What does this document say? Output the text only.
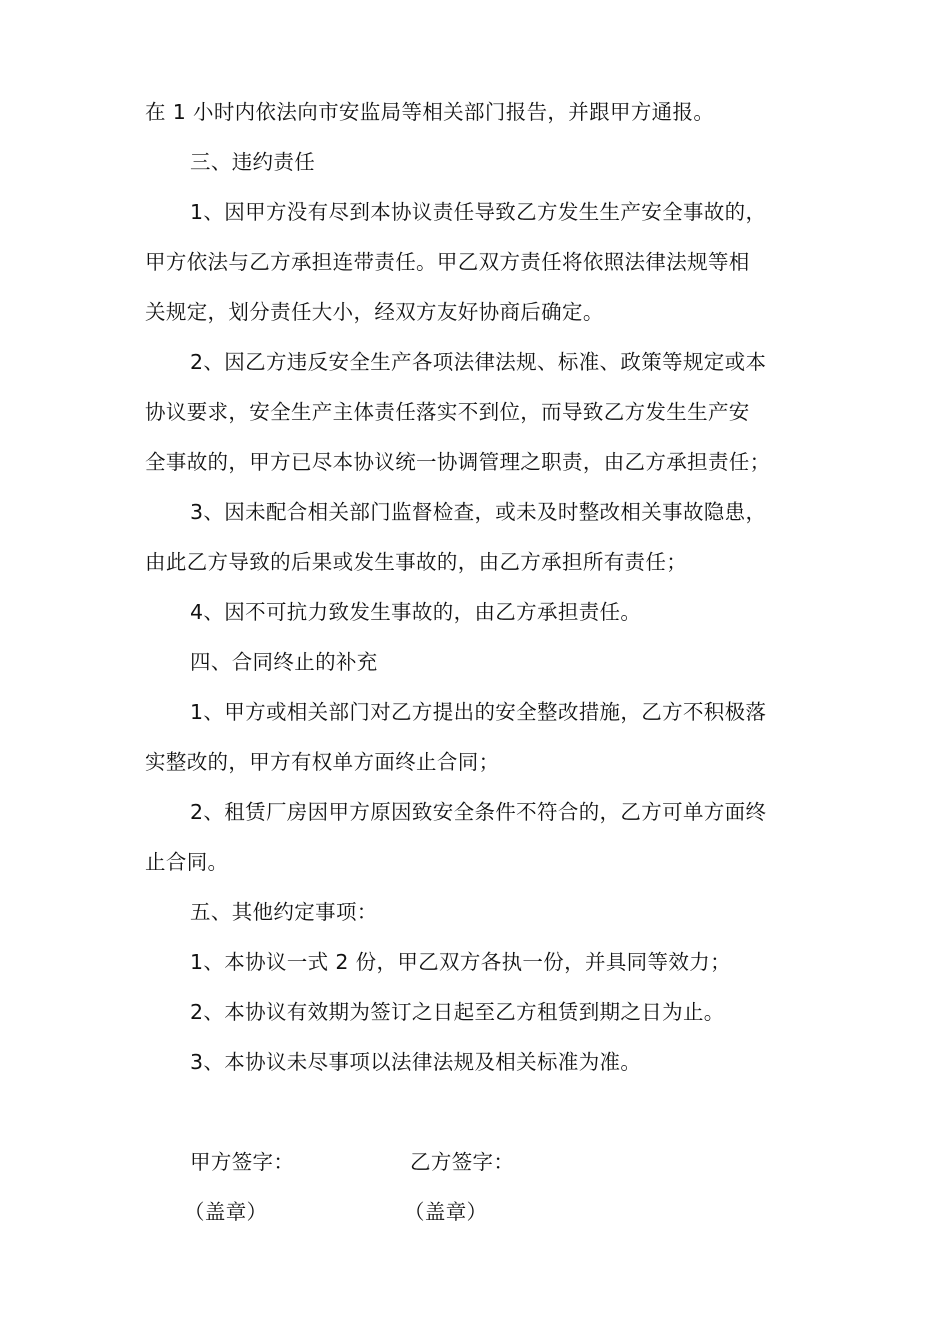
在 1 小时内依法向市安监局等相关部门报告，并跟甲方通报。
三、违约责任
1、因甲方没有尽到本协议责任导致乙方发生生产安全事故的，
甲方依法与乙方承担连带责任。甲乙双方责任将依照法律法规等相
关规定，划分责任大小，经双方友好协商后确定。
2、因乙方违反安全生产各项法律法规、标准、政策等规定或本
协议要求，安全生产主体责任落实不到位，而导致乙方发生生产安
全事故的，甲方已尽本协议统一协调管理之职责，由乙方承担责任；
3、因未配合相关部门监督检查，或未及时整改相关事故隐患，
由此乙方导致的后果或发生事故的，由乙方承担所有责任；
4、因不可抗力致发生事故的，由乙方承担责任。
四、合同终止的补充
1、甲方或相关部门对乙方提出的安全整改措施，乙方不积极落
实整改的，甲方有权单方面终止合同；
2、租赁厂房因甲方原因致安全条件不符合的，乙方可单方面终
止合同。
五、其他约定事项：
1、本协议一式 2 份，甲乙双方各执一份，并具同等效力；
2、本协议有效期为签订之日起至乙方租赁到期之日为止。
3、本协议未尽事项以法律法规及相关标准为准。
甲方签字：	乙方签字：
（盖章）	（盖章）
